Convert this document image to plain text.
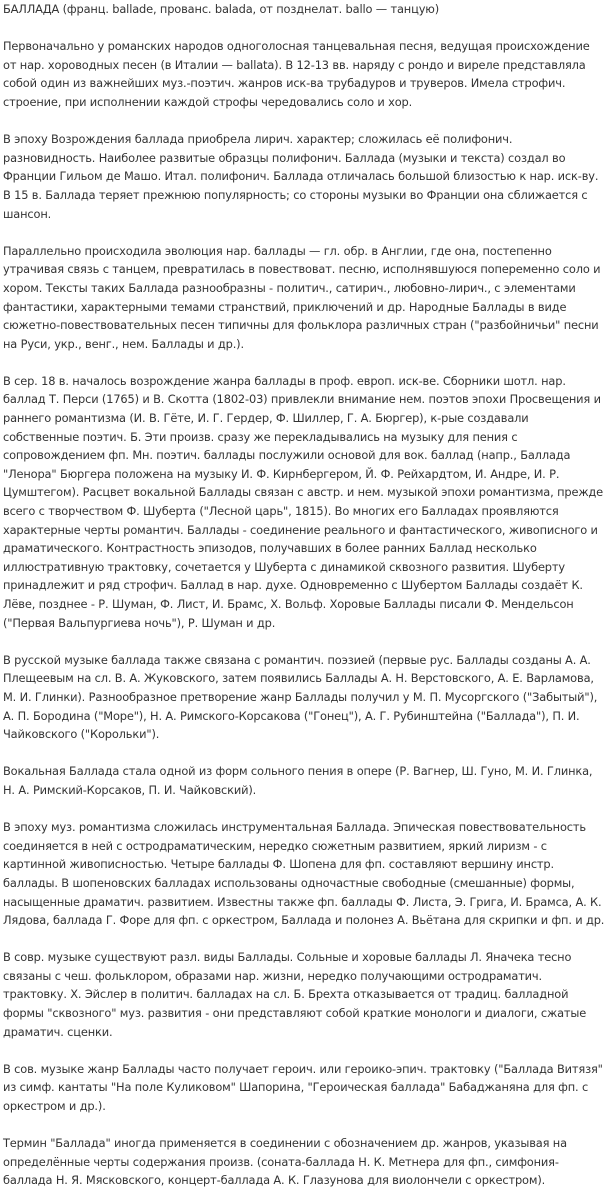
БАЛЛАДА (франц. ballade, прованс. balada, от позднелат. ballo — танцую)

Первоначально у романских народов одноголосная танцевальная песня, ведущая происхождение от нар. хороводных песен (в Италии — ballata). В 12-13 вв. наряду с рондо и виреле представлялa собой один из важнейших муз.-поэтич. жанров иск-ва трубадуров и труверов. Имела строфич. строение, при исполнении каждой строфы чередовались соло и хор.

В эпоху Возрождения баллада приобрела лирич. характер; сложилась её полифонич. разновидность. Наиболее развитые образцы полифонич. Баллада (музыки и текста) создал во Франции Гильом де Машо. Итал. полифонич. Баллада отличалась большой близостью к нар. иск-ву. В 15 в. Баллада теряет прежнюю популярность; со стороны музыки во Франции она сближается с шансон.

Параллельно происходила эволюция нар. баллады — гл. обр. в Англии, где она, постепенно утрачивая связь с танцем, превратилась в повествоват. песню, исполнявшуюся попеременно соло и хором. Тексты таких Баллада разнообразны - политич., сатирич., любовно-лирич., с элементами фантастики, характерными темами странствий, приключений и др. Народные Баллады в виде сюжетно-повествовательных песен типичны для фольклора различных стран ("разбойничьи" песни на Руси, укр., венг., нем. Баллады и др.).

В сер. 18 в. началось возрождение жанра баллады в проф. европ. иск-ве. Сборники шотл. нар. баллад Т. Перси (1765) и В. Скотта (1802-03) привлекли внимание нем. поэтов эпохи Просвещения и раннего романтизма (И. В. Гёте, И. Г. Гердер, Ф. Шиллер, Г. А. Бюргер), к-рые создавали собственные поэтич. Б. Эти произв. сразу же перекладывались на музыку для пения с сопровождением фп. Мн. поэтич. баллады послужили основой для вок. баллад (напр., Баллада "Ленора" Бюргера положена на музыку И. Ф. Кирнбергером, Й. Ф. Рейхардтом, И. Андре, И. Р. Цумштегом). Расцвет вокальной Баллады связан с австр. и нем. музыкой эпохи романтизма, прежде всего с творчеством Ф. Шуберта ("Лесной царь", 1815). Во многих его Балладах проявляются характерные черты романтич. Баллады - соединение реального и фантастического, живописного и драматического. Контрастность эпизодов, получавших в более ранних Баллад несколько иллюстративную трактовку, сочетается у Шуберта с динамикой сквозного развития. Шуберту принадлежит и ряд строфич. Баллад в нар. духе. Одновременно с Шубертом Баллады создаёт К. Лёве, позднее - Р. Шуман, Ф. Лист, И. Брамс, Х. Вольф. Хоровые Баллады писали Ф. Мендельсон ("Первая Вальпургиева ночь"), Р. Шуман и др.

В русской музыке баллада также связана с романтич. поэзией (первые рус. Баллады созданы А. А. Плещеевым на сл. В. А. Жуковского, затем появились Баллады А. Н. Верстовского, А. Е. Варламова, М. И. Глинки). Разнообразное претворение жанр Баллады получил у М. П. Мусоргского ("Забытый"), А. П. Бородина ("Море"), Н. А. Римского-Корсакова ("Гонец"), А. Г. Рубинштейна ("Баллада"), П. И. Чайковского ("Корольки").

Вокальная Баллада стала одной из форм сольного пения в опере (Р. Вагнер, Ш. Гуно, М. И. Глинка, Н. А. Римский-Корсаков, П. И. Чайковский).

В эпоху муз. романтизма сложилась инструментальная Баллада. Эпическая повествовательность соединяется в ней с остродраматическим, нередко сюжетным развитием, яркий лиризм - с картинной живописностью. Четыре баллады Ф. Шопена для фп. составляют вершину инстр. баллады. В шопеновских балладах использованы одночастные свободные (смешанные) формы, насыщенные драматич. развитием. Известны также фп. баллады Ф. Листа, Э. Грига, И. Брамса, А. К. Лядова, баллада Г. Форе для фп. с оркестром, Баллада и полонез А. Вьётана для скрипки и фп. и др.

В совр. музыке существуют разл. виды Баллады. Сольные и хоровые баллады Л. Яначека тесно связаны с чеш. фольклором, образами нар. жизни, нередко получающими остродраматич. трактовку. Х. Эйслер в политич. балладах на сл. Б. Брехта отказывается от традиц. балладной формы "сквозного" муз. развития - они представляют собой краткие монологи и диалоги, сжатые драматич. сценки.

В сов. музыке жанр Баллады часто получает героич. или героико-эпич. трактовку ("Баллада Витязя" из симф. кантаты "На поле Куликовом" Шапорина, "Героическая баллада" Бабаджаняна для фп. с оркестром и др.).

Термин "Баллада" иногда применяется в соединении с обозначением др. жанров, указывая на определённые черты содержания произв. (соната-баллада Н. К. Метнера для фп., симфония-баллада Н. Я. Мясковского, концерт-баллада А. К. Глазунова для виолончели с оркестром).
